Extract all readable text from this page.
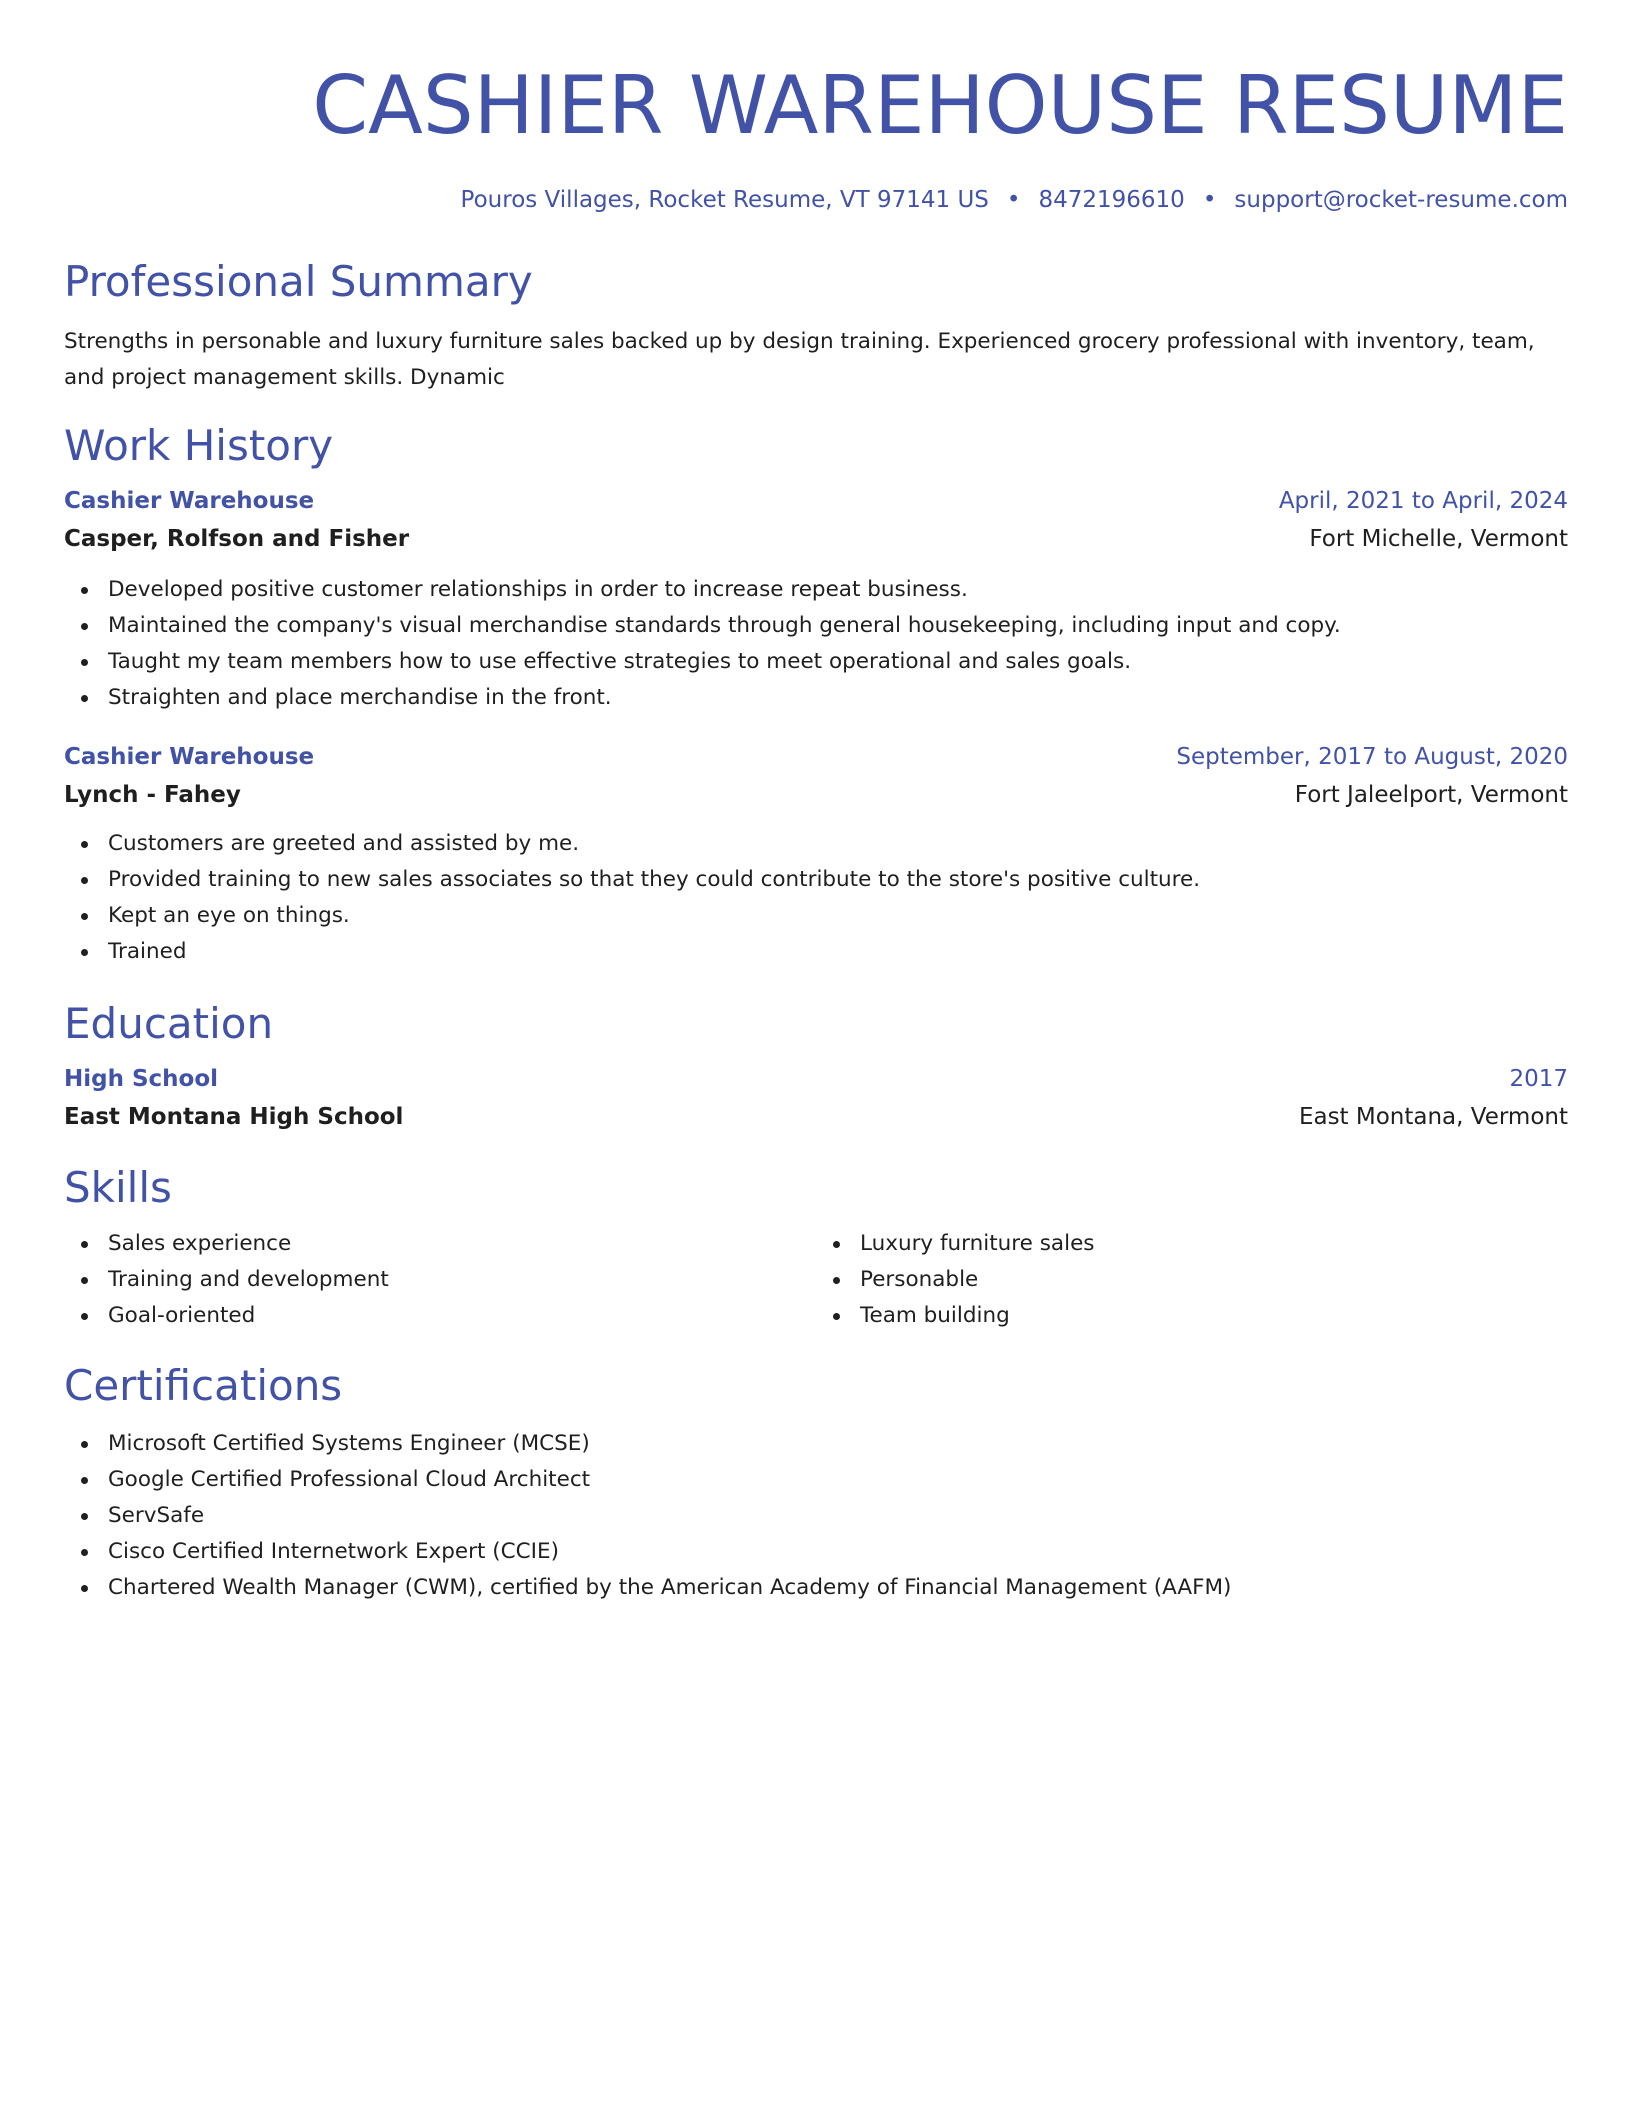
CASHIER WAREHOUSE RESUME
Pouros Villages, Rocket Resume, VT 97141 US • 8472196610 • support@rocket-resume.com
Professional Summary
Strengths in personable and luxury furniture sales backed up by design training. Experienced grocery professional with inventory, team, and project management skills. Dynamic
Work History
Cashier Warehouse	April, 2021 to April, 2024
Casper, Rolfson and Fisher	Fort Michelle, Vermont
Developed positive customer relationships in order to increase repeat business.
Maintained the company's visual merchandise standards through general housekeeping, including input and copy.
Taught my team members how to use effective strategies to meet operational and sales goals.
Straighten and place merchandise in the front.
Cashier Warehouse	September, 2017 to August, 2020
Lynch - Fahey	Fort Jaleelport, Vermont
Customers are greeted and assisted by me.
Provided training to new sales associates so that they could contribute to the store's positive culture.
Kept an eye on things.
Trained
Education
High School	2017
East Montana High School	East Montana, Vermont
Skills
Sales experience
Training and development
Goal-oriented
Luxury furniture sales
Personable
Team building
Certifications
Microsoft Certified Systems Engineer (MCSE)
Google Certified Professional Cloud Architect
ServSafe
Cisco Certified Internetwork Expert (CCIE)
Chartered Wealth Manager (CWM), certified by the American Academy of Financial Management (AAFM)
